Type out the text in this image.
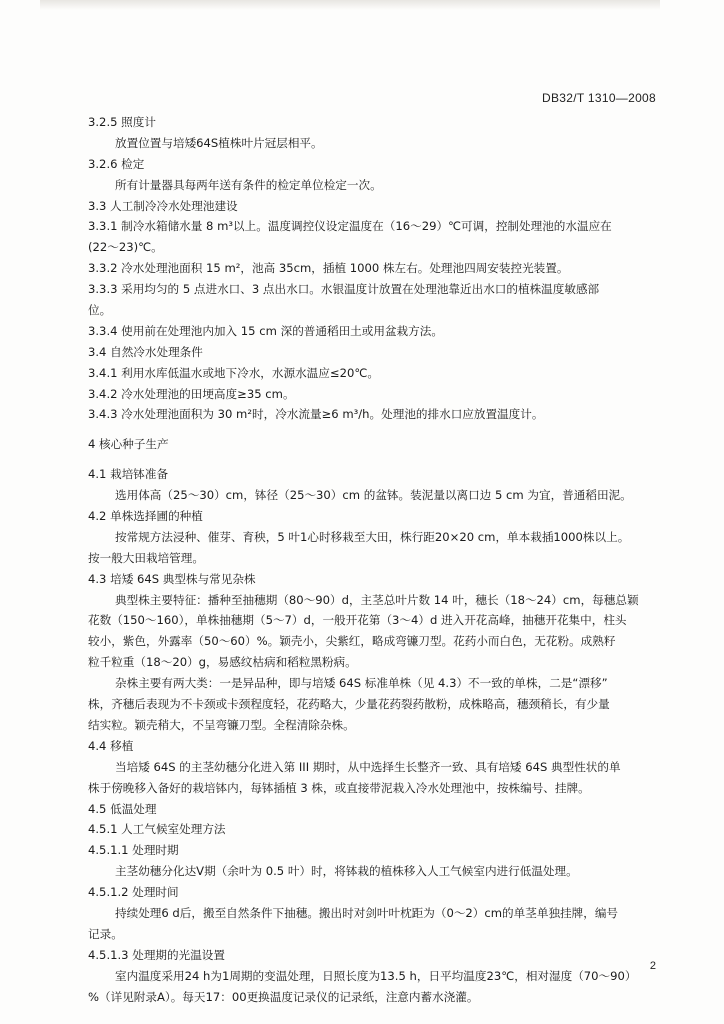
DB32/T 1310—2008
3.2.5 照度计
放置位置与培矮64S植株叶片冠层相平。
3.2.6 检定
所有计量器具每两年送有条件的检定单位检定一次。
3.3 人工制冷冷水处理池建设
3.3.1 制冷水箱储水量 8 m³以上。温度调控仪设定温度在（16～29）℃可调，控制处理池的水温应在
(22～23)℃。
3.3.2 冷水处理池面积 15 m²，池高 35cm，插植 1000 株左右。处理池四周安装控光装置。
3.3.3 采用均匀的 5 点进水口、3 点出水口。水银温度计放置在处理池靠近出水口的植株温度敏感部
位。
3.3.4 使用前在处理池内加入 15 cm 深的普通稻田土或用盆栽方法。
3.4 自然冷水处理条件
3.4.1 利用水库低温水或地下冷水，水源水温应≤20℃。
3.4.2 冷水处理池的田埂高度≥35 cm。
3.4.3 冷水处理池面积为 30 m²时，冷水流量≥6 m³/h。处理池的排水口应放置温度计。
4 核心种子生产
4.1 栽培钵准备
选用体高（25～30）cm，钵径（25～30）cm 的盆钵。装泥量以离口边 5 cm 为宜，普通稻田泥。
4.2 单株选择圃的种植
按常规方法浸种、催芽、育秧，5 叶1心时移栽至大田，株行距20×20 cm，单本栽插1000株以上。
按一般大田栽培管理。
4.3 培矮 64S 典型株与常见杂株
典型株主要特征：播种至抽穗期（80～90）d，主茎总叶片数 14 叶，穗长（18～24）cm，每穗总颖
花数（150～160），单株抽穗期（5～7）d，一般开花第（3～4）d 进入开花高峰，抽穗开花集中，柱头
较小，紫色，外露率（50～60）%。颖壳小，尖紫红，略成弯镰刀型。花药小而白色，无花粉。成熟籽
粒千粒重（18～20）g，易感纹枯病和稻粒黑粉病。
杂株主要有两大类：一是异品种，即与培矮 64S 标准单株（见 4.3）不一致的单株，二是“漂移”
株，齐穗后表现为不卡颈或卡颈程度轻，花药略大，少量花药裂药散粉，成株略高，穗颈稍长，有少量
结实粒。颖壳稍大，不呈弯镰刀型。全程清除杂株。
4.4 移植
当培矮 64S 的主茎幼穗分化进入第 III 期时，从中选择生长整齐一致、具有培矮 64S 典型性状的单
株于傍晚移入备好的栽培钵内，每钵插植 3 株，或直接带泥栽入冷水处理池中，按株编号、挂牌。
4.5 低温处理
4.5.1 人工气候室处理方法
4.5.1.1 处理时期
主茎幼穗分化达Ⅴ期（余叶为 0.5 叶）时，将钵栽的植株移入人工气候室内进行低温处理。
4.5.1.2 处理时间
持续处理6 d后，搬至自然条件下抽穗。搬出时对剑叶叶枕距为（0～2）cm的单茎单独挂牌，编号
记录。
4.5.1.3 处理期的光温设置
室内温度采用24 h为1周期的变温处理，日照长度为13.5 h，日平均温度23℃，相对湿度（70～90）
%（详见附录A）。每天17：00更换温度记录仪的记录纸，注意内蓄水浇灌。
2
